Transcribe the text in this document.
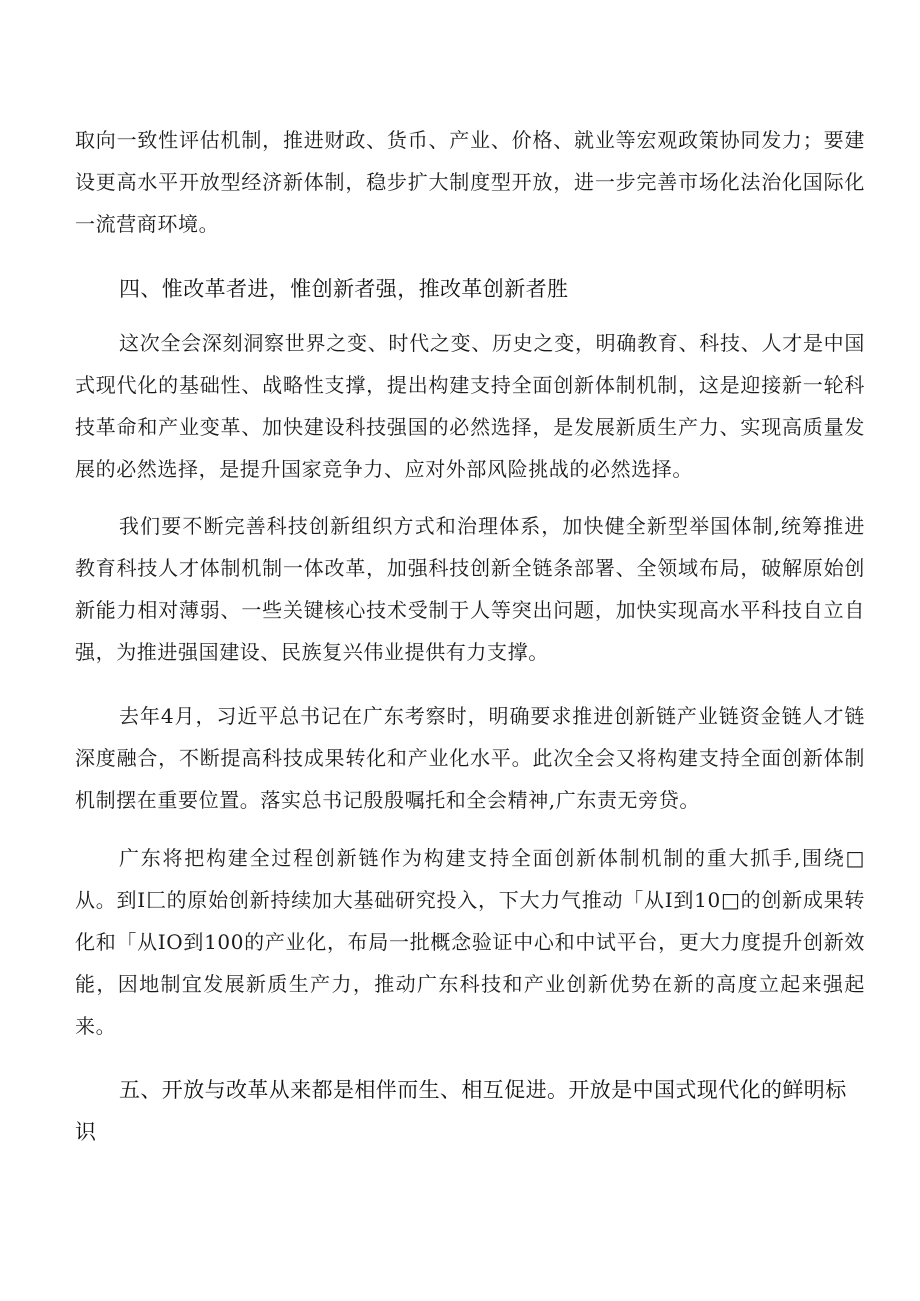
取向一致性评估机制，推进财政、货币、产业、价格、就业等宏观政策协同发力；要建设更高水平开放型经济新体制，稳步扩大制度型开放，进一步完善市场化法治化国际化一流营商环境。

四、惟改革者进，惟创新者强，推改革创新者胜

这次全会深刻洞察世界之变、时代之变、历史之变，明确教育、科技、人才是中国式现代化的基础性、战略性支撑，提出构建支持全面创新体制机制，这是迎接新一轮科技革命和产业变革、加快建设科技强国的必然选择，是发展新质生产力、实现高质量发展的必然选择，是提升国家竞争力、应对外部风险挑战的必然选择。

我们要不断完善科技创新组织方式和治理体系，加快健全新型举国体制,统筹推进教育科技人才体制机制一体改革，加强科技创新全链条部署、全领域布局，破解原始创新能力相对薄弱、一些关键核心技术受制于人等突出问题，加快实现高水平科技自立自强，为推进强国建设、民族复兴伟业提供有力支撑。

去年4月，习近平总书记在广东考察时，明确要求推进创新链产业链资金链人才链深度融合，不断提高科技成果转化和产业化水平。此次全会又将构建支持全面创新体制机制摆在重要位置。落实总书记殷殷嘱托和全会精神,广东责无旁贷。

广东将把构建全过程创新链作为构建支持全面创新体制机制的重大抓手,围绕□从。到I匚的原始创新持续加大基础研究投入，下大力气推动「从I到10□的创新成果转化和「从IO到100的产业化，布局一批概念验证中心和中试平台，更大力度提升创新效能，因地制宜发展新质生产力，推动广东科技和产业创新优势在新的高度立起来强起来。

五、开放与改革从来都是相伴而生、相互促进。开放是中国式现代化的鲜明标识
